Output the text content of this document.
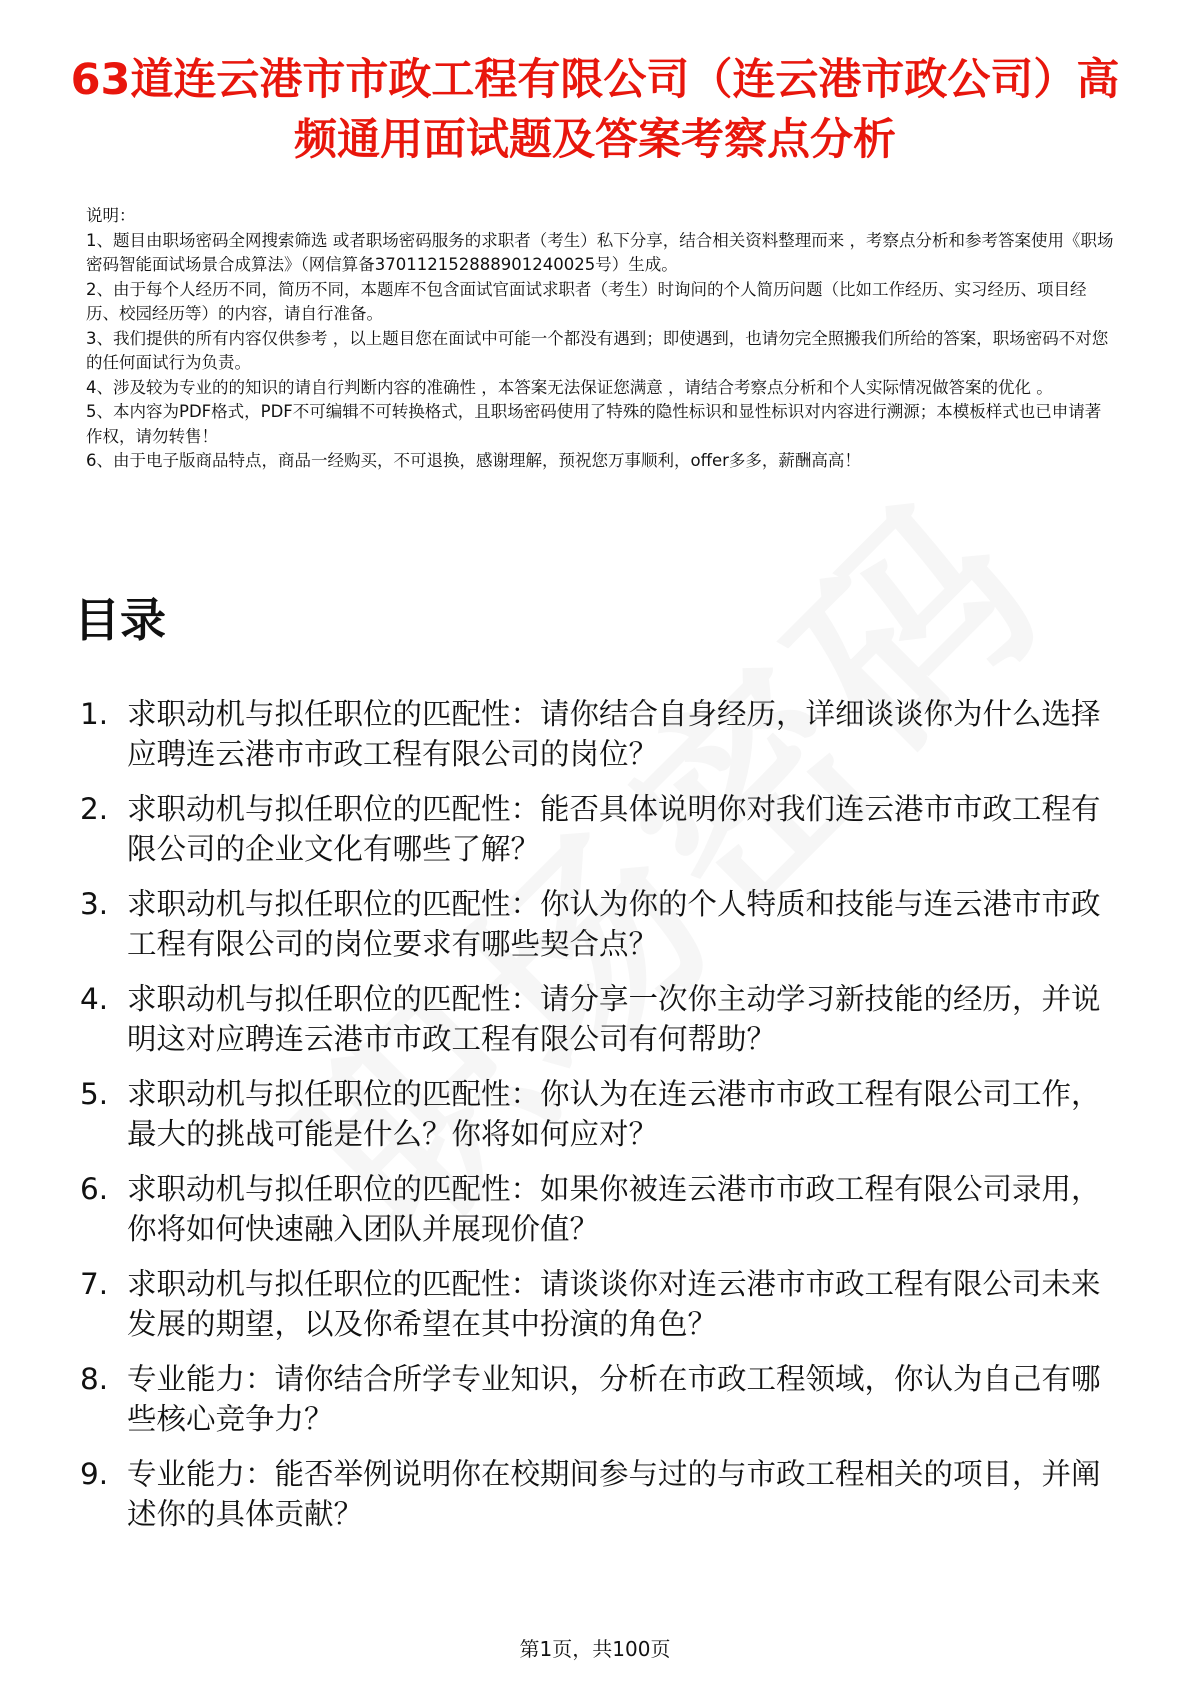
63道连云港市市政工程有限公司（连云港市政公司）高频通用面试题及答案考察点分析

说明：

1、题目由职场密码全网搜索筛选 或者职场密码服务的求职者（考生）私下分享，结合相关资料整理而来 ，考察点分析和参考答案使用《职场密码智能面试场景合成算法》（网信算备370112152888901240025号）生成。

2、由于每个人经历不同，简历不同，本题库不包含面试官面试求职者（考生）时询问的个人简历问题（比如工作经历、实习经历、项目经历、校园经历等）的内容，请自行准备。

3、我们提供的所有内容仅供参考 ，以上题目您在面试中可能一个都没有遇到；即使遇到，也请勿完全照搬我们所给的答案，职场密码不对您的任何面试行为负责。

4、涉及较为专业的的知识的请自行判断内容的准确性 ，本答案无法保证您满意 ，请结合考察点分析和个人实际情况做答案的优化 。

5、本内容为PDF格式，PDF不可编辑不可转换格式，且职场密码使用了特殊的隐性标识和显性标识对内容进行溯源；本模板样式也已申请著作权，请勿转售！

6、由于电子版商品特点，商品一经购买，不可退换，感谢理解，预祝您万事顺利，offer多多，薪酬高高！

目录
1. 求职动机与拟任职位的匹配性：请你结合自身经历，详细谈谈你为什么选择应聘连云港市市政工程有限公司的岗位？
2. 求职动机与拟任职位的匹配性：能否具体说明你对我们连云港市市政工程有限公司的企业文化有哪些了解？
3. 求职动机与拟任职位的匹配性：你认为你的个人特质和技能与连云港市市政工程有限公司的岗位要求有哪些契合点？
4. 求职动机与拟任职位的匹配性：请分享一次你主动学习新技能的经历，并说明这对应聘连云港市市政工程有限公司有何帮助？
5. 求职动机与拟任职位的匹配性：你认为在连云港市市政工程有限公司工作，最大的挑战可能是什么？你将如何应对？
6. 求职动机与拟任职位的匹配性：如果你被连云港市市政工程有限公司录用，你将如何快速融入团队并展现价值？
7. 求职动机与拟任职位的匹配性：请谈谈你对连云港市市政工程有限公司未来发展的期望，以及你希望在其中扮演的角色？
8. 专业能力：请你结合所学专业知识，分析在市政工程领域，你认为自己有哪些核心竞争力？
9. 专业能力：能否举例说明你在校期间参与过的与市政工程相关的项目，并阐述你的具体贡献？
第1页，共100页
